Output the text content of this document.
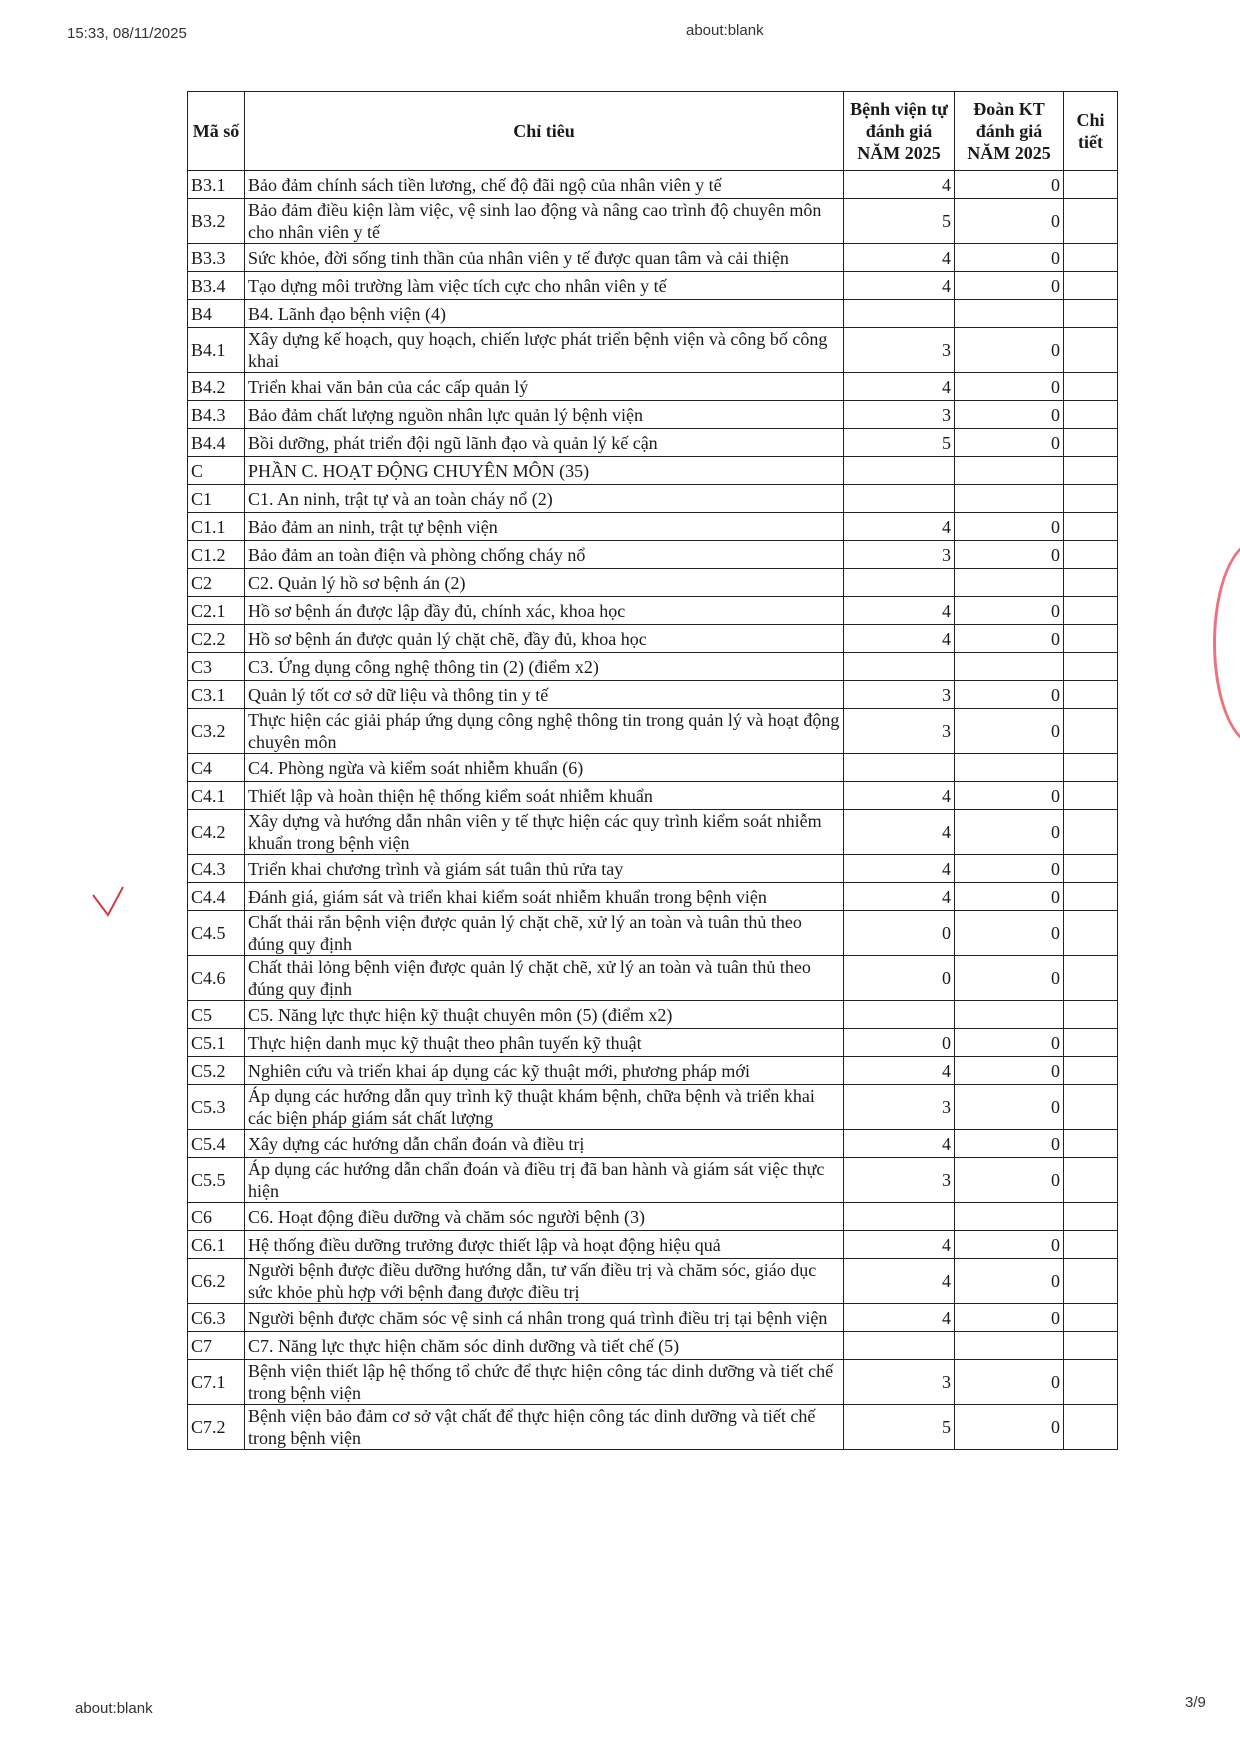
15:33, 08/11/2025	about:blank
Mã số	Chỉ tiêu	Bệnh viện tự đánh giá NĂM 2025	Đoàn KT đánh giá NĂM 2025	Chi tiết
B3.1	Bảo đảm chính sách tiền lương, chế độ đãi ngộ của nhân viên y tế	4	0	
B3.2	Bảo đảm điều kiện làm việc, vệ sinh lao động và nâng cao trình độ chuyên môn cho nhân viên y tế	5	0	
B3.3	Sức khỏe, đời sống tinh thần của nhân viên y tế được quan tâm và cải thiện	4	0	
B3.4	Tạo dựng môi trường làm việc tích cực cho nhân viên y tế	4	0	
B4	B4. Lãnh đạo bệnh viện (4)			
B4.1	Xây dựng kế hoạch, quy hoạch, chiến lược phát triển bệnh viện và công bố công khai	3	0	
B4.2	Triển khai văn bản của các cấp quản lý	4	0	
B4.3	Bảo đảm chất lượng nguồn nhân lực quản lý bệnh viện	3	0	
B4.4	Bồi dưỡng, phát triển đội ngũ lãnh đạo và quản lý kế cận	5	0	
C	PHẦN C. HOẠT ĐỘNG CHUYÊN MÔN (35)			
C1	C1. An ninh, trật tự và an toàn cháy nổ (2)			
C1.1	Bảo đảm an ninh, trật tự bệnh viện	4	0	
C1.2	Bảo đảm an toàn điện và phòng chống cháy nổ	3	0	
C2	C2. Quản lý hồ sơ bệnh án (2)			
C2.1	Hồ sơ bệnh án được lập đầy đủ, chính xác, khoa học	4	0	
C2.2	Hồ sơ bệnh án được quản lý chặt chẽ, đầy đủ, khoa học	4	0	
C3	C3. Ứng dụng công nghệ thông tin (2) (điểm x2)			
C3.1	Quản lý tốt cơ sở dữ liệu và thông tin y tế	3	0	
C3.2	Thực hiện các giải pháp ứng dụng công nghệ thông tin trong quản lý và hoạt động chuyên môn	3	0	
C4	C4. Phòng ngừa và kiểm soát nhiễm khuẩn (6)			
C4.1	Thiết lập và hoàn thiện hệ thống kiểm soát nhiễm khuẩn	4	0	
C4.2	Xây dựng và hướng dẫn nhân viên y tế thực hiện các quy trình kiểm soát nhiễm khuẩn trong bệnh viện	4	0	
C4.3	Triển khai chương trình và giám sát tuân thủ rửa tay	4	0	
C4.4	Đánh giá, giám sát và triển khai kiểm soát nhiễm khuẩn trong bệnh viện	4	0	
C4.5	Chất thải rắn bệnh viện được quản lý chặt chẽ, xử lý an toàn và tuân thủ theo đúng quy định	0	0	
C4.6	Chất thải lỏng bệnh viện được quản lý chặt chẽ, xử lý an toàn và tuân thủ theo đúng quy định	0	0	
C5	C5. Năng lực thực hiện kỹ thuật chuyên môn (5) (điểm x2)			
C5.1	Thực hiện danh mục kỹ thuật theo phân tuyến kỹ thuật	0	0	
C5.2	Nghiên cứu và triển khai áp dụng các kỹ thuật mới, phương pháp mới	4	0	
C5.3	Áp dụng các hướng dẫn quy trình kỹ thuật khám bệnh, chữa bệnh và triển khai các biện pháp giám sát chất lượng	3	0	
C5.4	Xây dựng các hướng dẫn chẩn đoán và điều trị	4	0	
C5.5	Áp dụng các hướng dẫn chẩn đoán và điều trị đã ban hành và giám sát việc thực hiện	3	0	
C6	C6. Hoạt động điều dưỡng và chăm sóc người bệnh (3)			
C6.1	Hệ thống điều dưỡng trưởng được thiết lập và hoạt động hiệu quả	4	0	
C6.2	Người bệnh được điều dưỡng hướng dẫn, tư vấn điều trị và chăm sóc, giáo dục sức khỏe phù hợp với bệnh đang được điều trị	4	0	
C6.3	Người bệnh được chăm sóc vệ sinh cá nhân trong quá trình điều trị tại bệnh viện	4	0	
C7	C7. Năng lực thực hiện chăm sóc dinh dưỡng và tiết chế (5)			
C7.1	Bệnh viện thiết lập hệ thống tổ chức để thực hiện công tác dinh dưỡng và tiết chế trong bệnh viện	3	0	
C7.2	Bệnh viện bảo đảm cơ sở vật chất để thực hiện công tác dinh dưỡng và tiết chế trong bệnh viện	5	0	
about:blank	3/9
